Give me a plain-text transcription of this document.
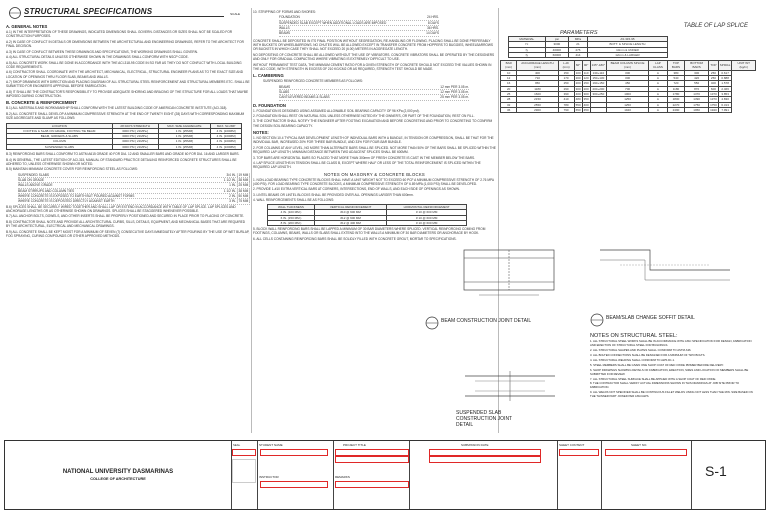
STRUCTURAL SPECIFICATIONS	SCALE
A. GENERAL NOTES
A.1) IN THE INTERPRETATION OF THESE DRAWINGS, INDICATED DIMENSIONS SHALL GOVERN. DISTANCES OR SIZES SHALL NOT BE SCALED FOR CONSTRUCTION PURPOSES.
A.2) IN CASE OF CONFLICT IN DETAILS OR DIMENSIONS BETWEEN THE ARCHITECTURAL AND ENGINEERING DRAWINGS, REFER TO THE ARCHITECT FOR FINAL DECISION.
A.3) IN CASE OF CONFLICT BETWEEN THESE DRAWINGS AND SPECIFICATIONS, THE WORKING DRAWINGS SHALL GOVERN.
A.4) ALL STRUCTURAL DETAILS UNLESS OTHERWISE SHOWN IN THE DRAWINGS SHALL CONFORM WITH NSCP CODE.
A.5) ALL CONCRETE WORK SHALL BE DONE IN ACCORDANCE WITH THE ACI-318-95 CODE IN SO FAR AS THEY DO NOT CONFLICT WITH LOCAL BUILDING CODE REQUIREMENTS.
A.6) CONTRACTOR SHALL COORDINATE WITH THE ARCHITECT, MECHANICAL, ELECTRICAL, STRUCTURAL ENGINEER PLANS AS TO THE EXACT SIZE AND LOCATION OF OPENINGS THRU FLOOR SLAB, BEAMS AND WALLS.
A.7) SHOP DRAWINGS WITH DIRECTION AND PLACING DIAGRAM OF ALL STRUCTURAL STEEL REINFORCEMENT AND STRUCTURAL MEMBERS ETC. SHALL BE SUBMITTED FOR ENGINEER'S APPROVAL BEFORE FABRICATION.
A.8) IT SHALL BE THE CONTRACTOR'S RESPONSIBILITY TO PROVIDE ADEQUATE SHORING AND BRACING OF THE STRUCTURE FOR ALL LOADS THAT MAYBE IMPOSED DURING CONSTRUCTION.
B. CONCRETE & REINFORCEMENT
B.1) ALL MATERIALS AND WORKMANSHIP SHALL CONFORM WITH THE LATEST BUILDING CODE OF AMERICAN CONCRETE INSTITUTE (ACI-318).
B.2) ALL CONCRETE SHALL DEVELOP A MINIMUM COMPRESSIVE STRENGTH AT THE END OF TWENTY EIGHT (28) DAYS WITH CORRESPONDING MAXIMUM SIZE AGGREGATE AND SLUMP AS FOLLOWS:
LOCATION	28 DAYS STRENGTH	MAX. SIZE AGGREGATE	MAX. SLUMP
FOOTING & SLAB ON GRADE, FOOTING TIE BEAM	3000 PSI [ 21MPa ]	1 IN. [25MM]	4 IN. [100MM]
BEAM, GIRDERS & SLABS	3000 PSI [ 21MPa ]	1 IN. [25MM]	4 IN. [100MM]
COLUMN	3000 PSI [ 21MPa ]	1 IN. [25MM]	4 IN. [100MM]
SUSPENDED SLABS	3000 PSI [ 21MPa ]	1 IN. [25MM]	4 IN. [100MM]
B.3) REINFORCING BARS SHALL CONFORM TO ASTM A615 GRADE 40 FOR DIA. 12 AND SMALLER BARS AND GRADE 60 FOR DIA. 16 AND LARGER BARS.
B.4) IN GENERAL, THE LATEST EDITION OF ACI-315, MANUAL OF STANDARD PRACTICE DETAILING REINFORCED CONCRETE STRUCTURES SHALL BE ADHERED TO, UNLESS OTHERWISE SHOWN OR NOTED.
B.5) MAINTAIN MINIMUM CONCRETE COVER FOR REINFORCING STEEL AS FOLLOWS:
SUSPENDED SLABS	3/4 IN. [ 19 MM ]
SLAB ON GRADE	1 1/2 IN. [ 38 MM ]
WALLS ABOVE GRADE	1 IN. [ 25 MM ]
BEAM STIRRUPS AND COLUMN TIES	1 1/2 IN. [ 38 MM ]
WHERE CONCRETE IS EXPOSED TO EARTH BUT POURED AGAINST FORMS	2 IN. [ 50 MM ]
WHERE CONCRETE IS DEPOSITED DIRECTLY AGAINST EARTH	3 IN. [ 75 MM ]
B.6) SPLICES SHALL BE SECURELY WIRED TOGETHER AND SHALL LAP OR EXTEND IN ACCORDANCE WITH TABLE OF LAP SPLICE. LAP SPLICES AND ANCHORAGE LENGTHS OR AS OTHERWISE SHOWN ON DRAWINGS. SPLICES SHALL BE STAGGERED WHENEVER POSSIBLE.
B.7) ALL ANCHOR BOLTS, DOWELS, AND OTHER INSERTS SHALL BE PROPERLY POSITIONED AND SECURED IN PLACE PRIOR TO PLACING OF CONCRETE.
B.8) CONTRACTOR SHALL NOTE AND PROVIDE ALL ARCHITECTURAL CURBS, SILLS, DETAILS, EQUIPMENT, AND MECHANICAL BASES THAT ARE REQUIRED BY THE ARCHITECTURAL, ELECTRICAL AND MECHANICAL DRAWINGS.
B.9) ALL CONCRETE SHALL BE KEPT MOIST FOR A MINIMUM OF SEVEN (7) CONSECUTIVE DAYS IMMEDIATELY AFTER POURING BY THE USE OF WET BURLAP, FOG SPRAYING, CURING COMPOUNDS OR OTHER APPROVED METHODS.
10. STRIPPING OF FORMS AND SHORES:
FOUNDATION	24 HRS.
SUSPENDED SLAB EXCEPT WHEN ADDITIONAL LOADS ARE IMPOSED	8 DAYS
WALLS	36 HRS.
BEAMS	14 DAYS
CONCRETE SHALL BE DEPOSITED IN ITS FINAL POSITION WITHOUT SEGREGATION, RE-HANDLING OR FLOWING. PLACING SHALL BE DONE PREFERABLY WITH BUCKETS OR WHEELBARROWS. NO CHUTES WILL BE ALLOWED EXCEPT IN TRANSFER CONCRETE FROM HOPPERS TO BUGGIES, WHEELBARROWS OR BUCKETS IN WHICH CASE THEY SHALL NOT EXCEED 20 (6.00) METERS IN AGGREGATE LENGTH.
NO DEPOSITING OF CONCRETE SHALL BE ALLOWED WITHOUT THE USE OF VIBRATORS. CONCRETE VIBRATORS SHALL BE OPERATED BY THE DESIGNERS AND ONLY FOR GRADUAL COMPACTING WHERE VIBRATING IS EXTREMELY DIFFICULT TO USE.
WITHOUT PERMANENT TEST DATA, THE MINIMUM CEMENT RATIO FOR A GIVEN STRENGTH OF CONCRETE SHOULD NOT EXCEED THE VALUES SHOWN IN THE ACI CODE, WITH STRENGTH IN EXCESS OF 210 KG/CM2 OR AS REQUIRED, STRENGTH TEST SHOULD BE MADE.
L. CAMBERING
SUSPENDED REINFORCED CONCRETE MEMBERS AS FOLLOWS:
BEAMS	12 mm PER 3.05 m.
SLABS	12 mm PER 3.05 m.
CANTILEVERED BEAMS & SLABS	25 mm PER 3.05 m.
D. FOUNDATION
1. FOUNDATION IS DESIGNED USING ASSUMED ALLOWABLE SOIL BEARING CAPACITY OF 96 KPa (2,000 psf).
2. FOUNDATION SHALL REST ON NATURAL SOIL UNLESS OTHERWISE NOTED BY THE OWNER'S, OR PART OF THE FOUNDATION, REST ON FILL.
3. THE CONTRACTOR SHALL NOTIFY THE ENGINEER AFTER FOOTING EXCAVATION AND BEFORE CONCRETING AND PRIOR TO CONCRETING TO CONFIRM THE DESIGN SOIL BEARING CAPACITY.
NOTES:
1. NO SECTION 10.4 TYPICAL BAR DEVELOPMENT LENGTH OF INDIVIDUAL BARS WITH A BUNDLE, IN TENSION OR COMPRESSION, SHALL BE THAT FOR THE INDIVIDUAL BAR, INCREASED 20% FOR THREE BAR BUNDLE, AND 33% FOR FOUR-BAR BUNDLE.
2. FOR COLUMNS AT ANY LEVEL, NO MORE THAN ALTERNATE BARS SHALL BE SPLICED. NOT MORE THAN 50% OF THE BARS SHALL BE SPLICED WITHIN THE REQUIRED LAP LENGTH, MINIMUM DISTANCE BETWEEN TWO ADJACENT SPLICES SHALL BE 600MM.
3. TOP BARS ARE HORIZONTAL BARS SO PLACED THAT MORE THAN 300mm OF FRESH CONCRETE IS CAST IN THE MEMBER BELOW THE BARS.
4. LAP SPLICE LENGTHS IN TENSION SHALL BE CLASS B, EXCEPT WHERE HALF OR LESS OF THE TOTAL REINFORCEMENT IS SPLICED WITHIN THE REQUIRED LAP LENGTH.
NOTES ON MASONRY & CONCRETE BLOCKS
1. NON-LOAD BEARING TYPE CONCRETE BLOCKS SHALL HAVE A UNIT WEIGHT NOT TO EXCEED 60 PCF A MINIMUM COMPRESSIVE STRENGTH OF 2.76 MPA (400 PSI). FOR LOAD BEARING TYPE CONCRETE BLOCKS, A MINIMUM COMPRESSIVE STRENGTH OF 6.89 MPA (1,000 PSI) SHALL BE DEVELOPED.
2. PROVIDE 1-#10 EXTRA VERTICAL BARS AT CORNERS, INTERSECTIONS, END OF WALLS, AND EACH SIDE OF OPENINGS AS SHOWN.
3. LINTEL BEAMS OR LINTEL BLOCKS SHALL BE PROVIDED OVER ALL OPENINGS LARGER THAN 600mm.
4. WALL REINFORCEMENTS SHALL BE AS FOLLOWS:
WALL THICKNESS	VERTICAL REINFORCEMENT	HORIZONTAL REINFORCEMENT
4 IN. (100 MM.)	#10 @ 600 MM	# 10 @ 600 MM
6 IN. (150 MM.)	#12 @ 600 MM	# 10 @ 600 MM
8 IN. (200 MM.)	#12 @ 400 MM	# 10 @ 600 MM
5. BLOCK WALL REINFORCING BARS SHALL BE LAPPED A MINIMUM OF 30 BAR DIAMETERS WHERE SPLICED. VERTICAL REINFORCING COMING FROM FOOTINGS, COLUMNS, BEAMS, WALLS OR SLABS SHALL EXTEND INTO THE WALLS A MINIMUM OF 30 BAR DIAMETERS OR ANCHORAGE BY HOOK.
6. ALL CELLS CONTAINING REINFORCING BARS SHALL BE SOLIDLY FILLED WITH CONCRETE GROUT, MORTAR TO SPECIFICATIONS.
TABLE OF LAP SPLICE
PARAMETERS
MATERIAL	psi	MPa	AS 315-95
f'c	3000	21	BOTT. & SPLICE LENGTH
fy	40000	276	10mm & UNDER
fy	60000	414	12mm & LARGER
BAR (mm)	ANCHORAGE LENGTH (mm)	L.dh (mm)	60°	90°	135°-180°	BEAM COLUMN SPLICE (mm)	LAP CLASS	TOP BARS	BOTTOM BARS	TOP	SPIRAL	UNIT WT (kg/m)
10	400	150	100	110	130+110	300	A	380	300	250	0.617	
12	710	170	200	120	150+130	300	A	540	420	250	0.888	
16	950	250	200	150	190+150	450	A	720	550	400	1.578	
20	1180	290	300	200	200+200	700	A	1180	870	600	2.466	
25	1600	390	400	300	300+250	1000	A	1780	1370	1370	3.853	
28	2150	410	480	350		1250	A	1800	1390	1370	4.830	
32	2550	780	550	400		1250	A	2270	1750	1750	6.313	
36	2900	790	650	450		1940	A	2490	1950	1940	7.991	
BEAM CONSTRUCTION JOINT DETAIL
SUSPENDED SLAB CONSTRUCTION JOINT DETAIL
BEAM/SLAB CHANGE SOFFIT DETAIL
NOTES ON STRUCTURAL STEEL:
1. ALL STRUCTURAL STEEL WORKS SHALL BE IN ACCORDANCE WITH AISC SPECIFICATION FOR DESIGN, FABRICATION AND ERECTION OF STRUCTURAL STEEL FOR BUILDINGS.
2. ALL STRUCTURAL SHAPES AND PLATES SHALL CONFORM TO ASTM A36.
3. ALL BOLTED CONNECTIONS SHALL BE DESIGNED FOR A MINIMUM OF TWO BOLTS.
4. ALL STRUCTURAL WELDING SHALL CONFORM TO AWS D1.1.
5. STEEL MEMBERS SHALL BE GIVEN ONE SHOP COAT OF RED OXIDE PRIMER BEFORE DELIVERY.
6. SHOP DRAWINGS SHOWING DETAILS OF FABRICATION, ERECTION, SIZES AND LOCATION OF MEMBERS SHALL BE SUBMITTED FOR REVIEW.
7. ALL STRUCTURAL STEEL SURFACE SHALL BE APPLIED WITH A SHOP COAT OF RED OXIDE.
8. THE CONTRACTOR SHALL VERIFY ACTUAL DIMENSIONS SHOWN IN THIS DRAWINGS AT JOB SITE PRIOR TO FABRICATION.
9. ALL WELDS NOT SPECIFIED SHALL BE CONTINUOUS FILLET WELDS USING NOT LESS THAN THE MIN. SIZE BASED ON THE THINNER PART JOINED PER AISC/AWS.
NATIONAL UNIVERSITY DASMARINAS
COLLEGE OF ARCHITECTURE
SEAL	STUDENT NAME
INSTRUCTOR
PROJECT TITLE
REMARKS
SUBMISSION DATE	SHEET CONTENT	SHEET NO.
S-1
